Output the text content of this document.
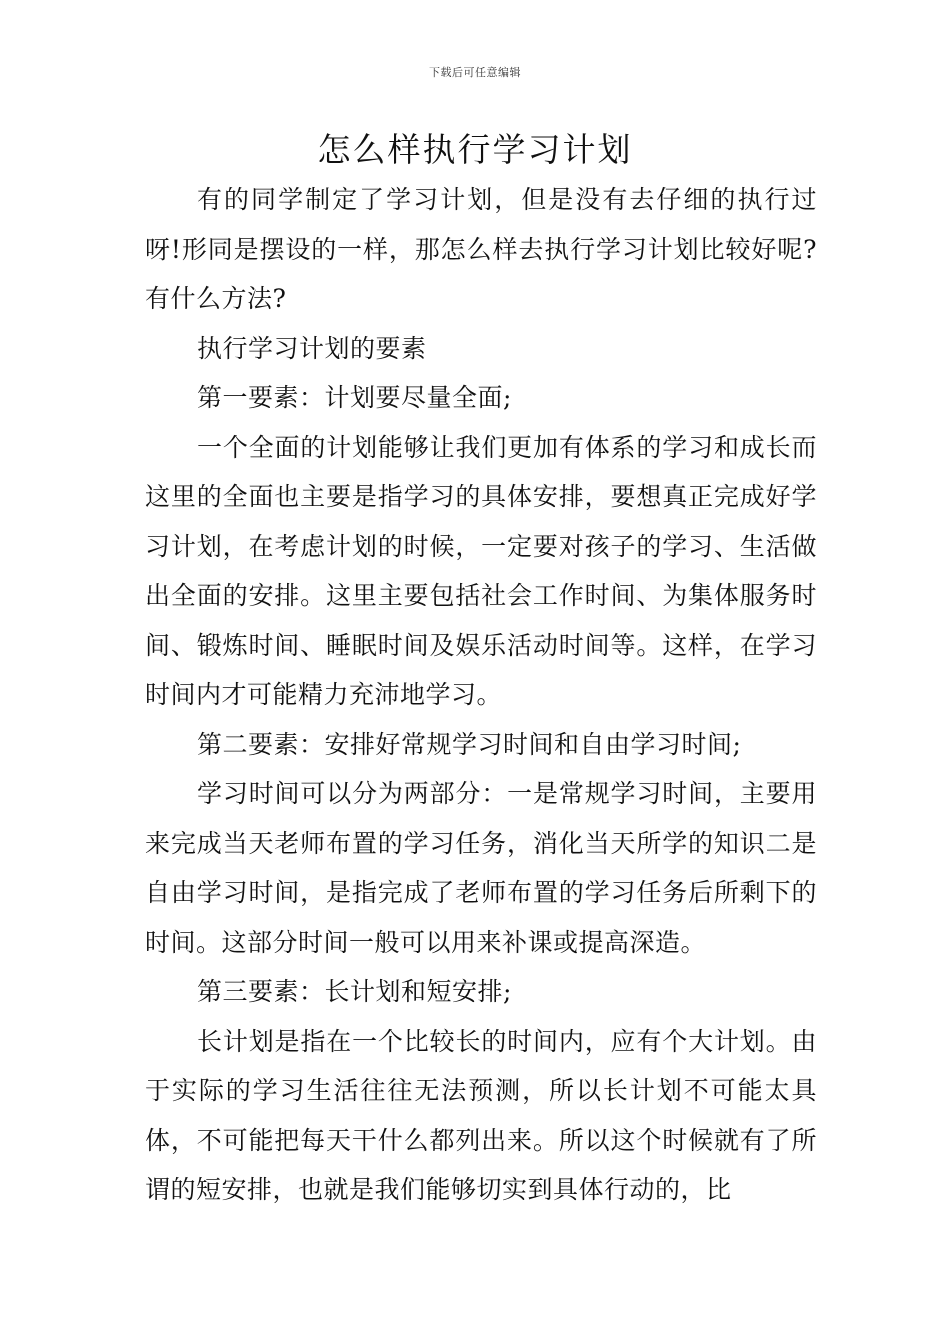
下载后可任意编辑
怎么样执行学习计划

有的同学制定了学习计划，但是没有去仔细的执行过呀!形同是摆设的一样，那怎么样去执行学习计划比较好呢?有什么方法?

执行学习计划的要素

第一要素：计划要尽量全面;

一个全面的计划能够让我们更加有体系的学习和成长而这里的全面也主要是指学习的具体安排，要想真正完成好学习计划，在考虑计划的时候，一定要对孩子的学习、生活做出全面的安排。这里主要包括社会工作时间、为集体服务时间、锻炼时间、睡眠时间及娱乐活动时间等。这样，在学习时间内才可能精力充沛地学习。

第二要素：安排好常规学习时间和自由学习时间;

学习时间可以分为两部分：一是常规学习时间，主要用来完成当天老师布置的学习任务，消化当天所学的知识二是自由学习时间，是指完成了老师布置的学习任务后所剩下的时间。这部分时间一般可以用来补课或提高深造。

第三要素：长计划和短安排;

长计划是指在一个比较长的时间内，应有个大计划。由于实际的学习生活往往无法预测，所以长计划不可能太具体，不可能把每天干什么都列出来。所以这个时候就有了所谓的短安排，也就是我们能够切实到具体行动的，比
